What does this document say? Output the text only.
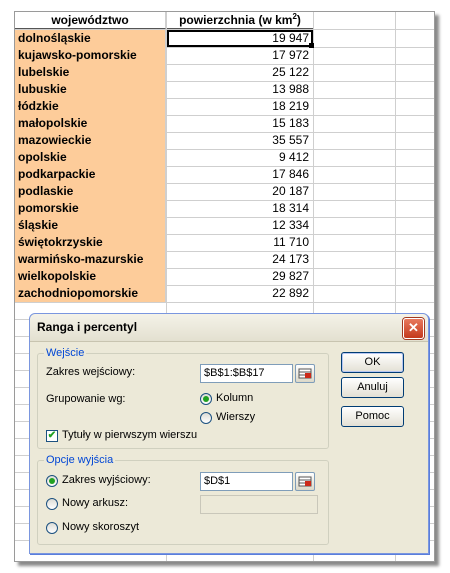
województwo	powierzchnia (w $km^2$)
dolnośląskie	19 947
kujawsko-pomorskie	17 972
lubelskie	25 122
lubuskie	13 988
łódzkie	18 219
małopolskie	15 183
mazowieckie	35 557
opolskie	9 412
podkarpackie	17 846
podlaskie	20 187
pomorskie	18 314
śląskie	12 334
świętokrzyskie	11 710
warmińsko-mazurskie	24 173
wielkopolskie	29 827
zachodniopomorskie	22 892
Ranga i percentyl	✕
Wejście
Zakres wejściowy:	$B$1:$B$17
Grupowanie wg:	Kolumn
Wierszy
✔ Tytuły w pierwszym wierszu
Opcje wyjścia
Zakres wyjściowy:	$D$1
Nowy arkusz:
Nowy skoroszyt
OK
Anuluj
Pomoc
